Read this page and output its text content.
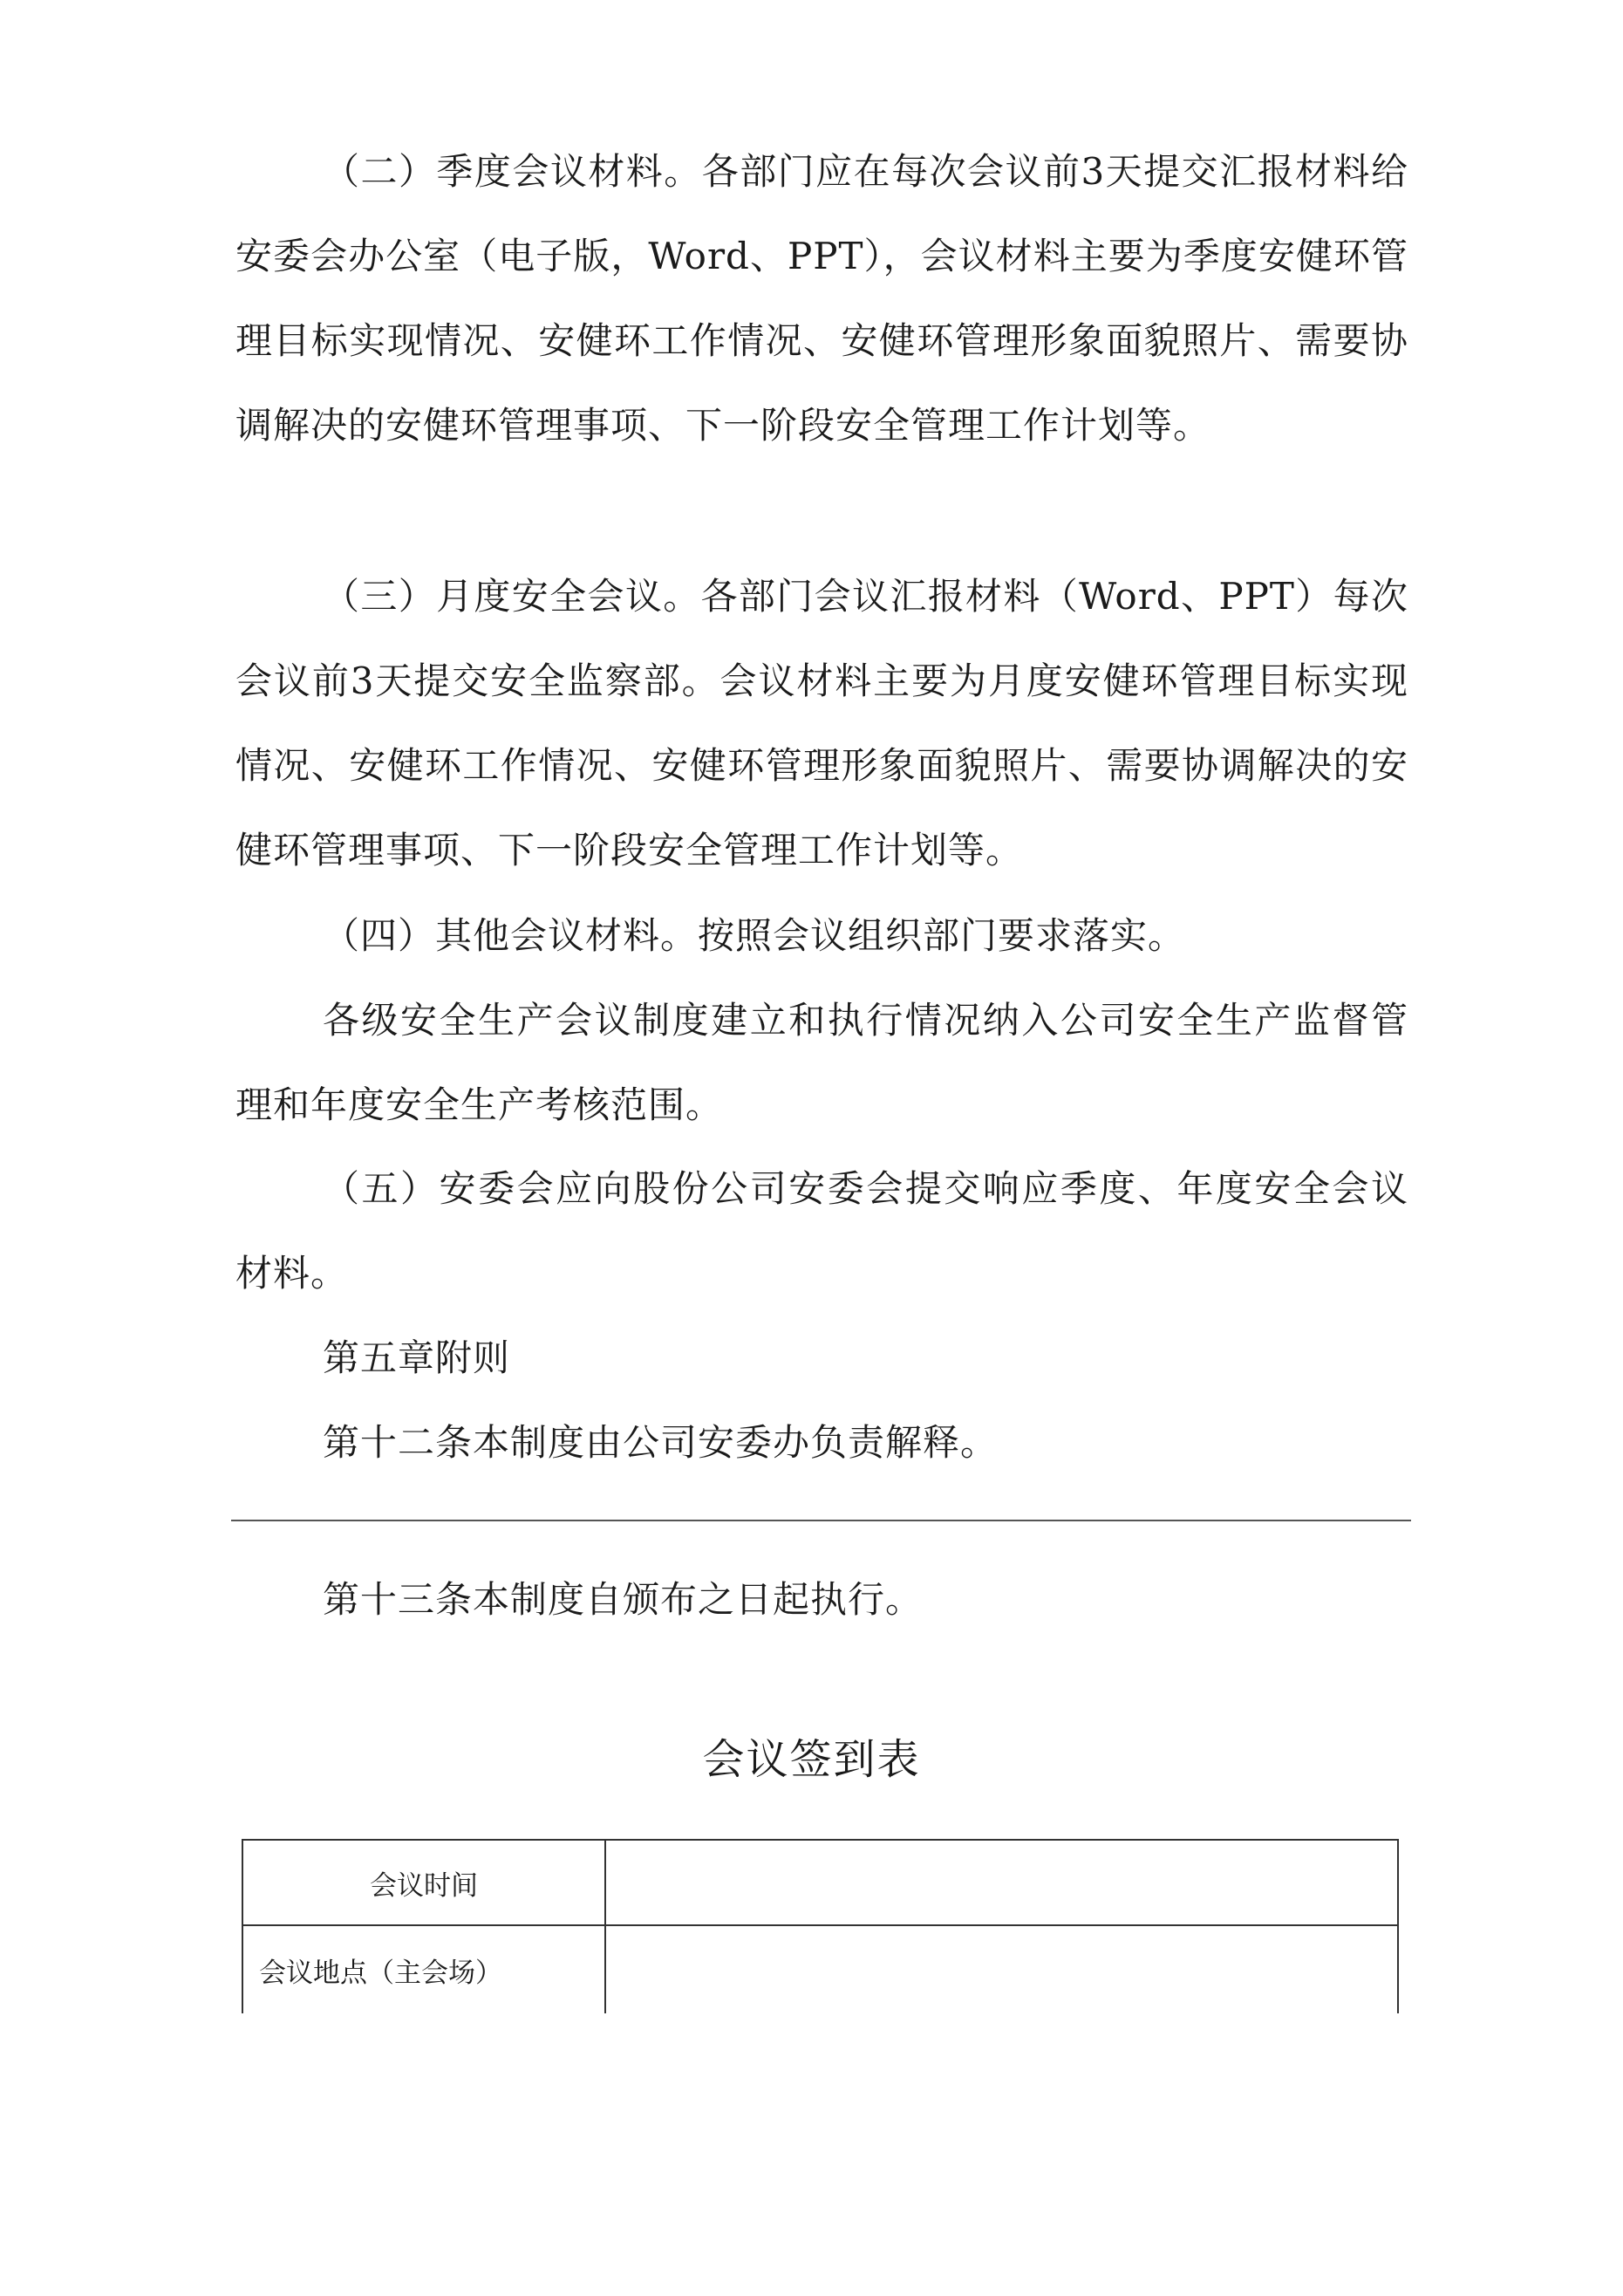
（二）季度会议材料。各部门应在每次会议前3天提交汇报材料给安委会办公室（电子版，Word、PPT），会议材料主要为季度安健环管理目标实现情况、安健环工作情况、安健环管理形象面貌照片、需要协调解决的安健环管理事项、下一阶段安全管理工作计划等。

（三）月度安全会议。各部门会议汇报材料（Word、PPT）每次会议前3天提交安全监察部。会议材料主要为月度安健环管理目标实现情况、安健环工作情况、安健环管理形象面貌照片、需要协调解决的安健环管理事项、下一阶段安全管理工作计划等。

（四）其他会议材料。按照会议组织部门要求落实。

各级安全生产会议制度建立和执行情况纳入公司安全生产监督管理和年度安全生产考核范围。

（五）安委会应向股份公司安委会提交响应季度、年度安全会议材料。

第五章附则

第十二条本制度由公司安委办负责解释。

第十三条本制度自颁布之日起执行。

会议签到表
会议时间	
会议地点（主会场）	
